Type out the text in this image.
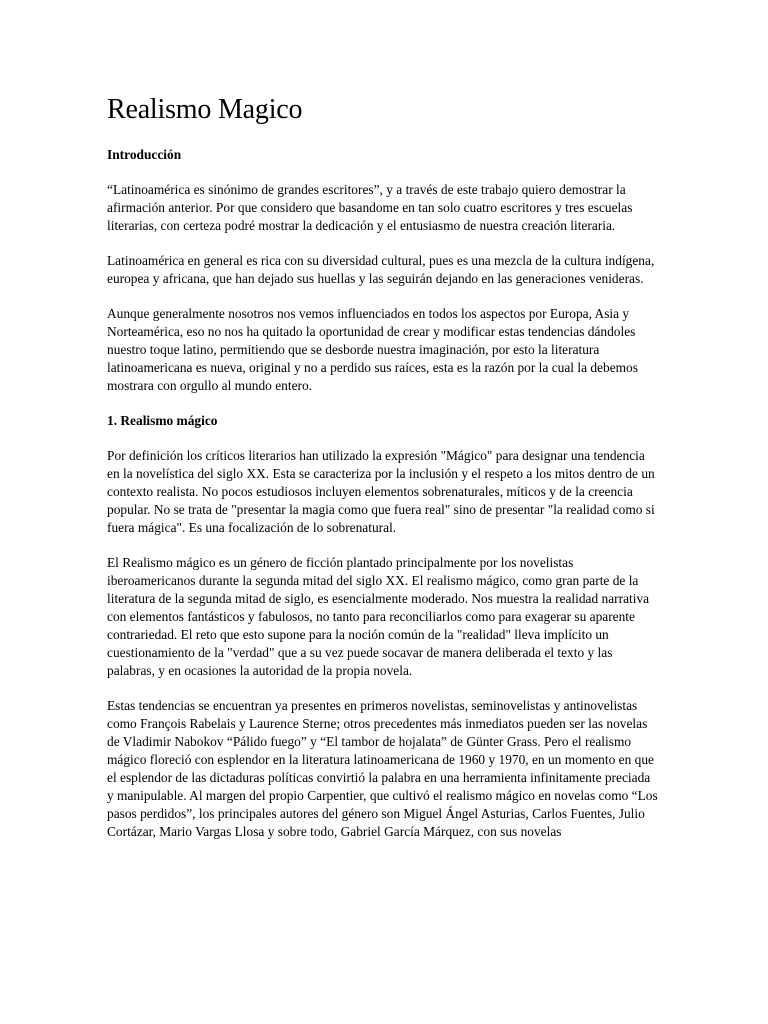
Realismo Magico
Introducción

“Latinoamérica es sinónimo de grandes escritores”, y a través de este trabajo quiero demostrar la afirmación anterior. Por que considero que basandome en tan solo cuatro escritores y tres escuelas literarias, con certeza podré mostrar la dedicación y el entusiasmo de nuestra creación literaria.

Latinoamérica en general es rica con su diversidad cultural, pues es una mezcla de la cultura indígena, europea y africana, que han dejado sus huellas y las seguirán dejando en las generaciones venideras.

Aunque generalmente nosotros nos vemos influenciados en todos los aspectos por Europa, Asia y Norteamérica, eso no nos ha quitado la oportunidad de crear y modificar estas tendencias dándoles nuestro toque latino, permitiendo que se desborde nuestra imaginación, por esto la literatura latinoamericana es nueva, original y no a perdido sus raíces, esta es la razón por la cual la debemos mostrara con orgullo al mundo entero.

1. Realismo mágico

Por definición los críticos literarios han utilizado la expresión "Mágico" para designar una tendencia en la novelística del siglo XX. Esta se caracteriza por la inclusión y el respeto a los mitos dentro de un contexto realista. No pocos estudiosos incluyen elementos sobrenaturales, míticos y de la creencia popular. No se trata de "presentar la magia como que fuera real" sino de presentar "la realidad como si fuera mágica". Es una focalización de lo sobrenatural.

El Realismo mágico es un género de ficción plantado principalmente por los novelistas iberoamericanos durante la segunda mitad del siglo XX. El realismo mágico, como gran parte de la literatura de la segunda mitad de siglo, es esencialmente moderado. Nos muestra la realidad narrativa con elementos fantásticos y fabulosos, no tanto para reconciliarlos como para exagerar su aparente contrariedad. El reto que esto supone para la noción común de la "realidad" lleva implícito un cuestionamiento de la "verdad" que a su vez puede socavar de manera deliberada el texto y las palabras, y en ocasiones la autoridad de la propia novela.

Estas tendencias se encuentran ya presentes en primeros novelistas, seminovelistas y antinovelistas como François Rabelais y Laurence Sterne; otros precedentes más inmediatos pueden ser las novelas de Vladimir Nabokov “Pálido fuego” y “El tambor de hojalata” de Günter Grass. Pero el realismo mágico floreció con esplendor en la literatura latinoamericana de 1960 y 1970, en un momento en que el esplendor de las dictaduras políticas convirtió la palabra en una herramienta infinitamente preciada y manipulable. Al margen del propio Carpentier, que cultivó el realismo mágico en novelas como “Los pasos perdidos”, los principales autores del género son Miguel Ángel Asturias, Carlos Fuentes, Julio Cortázar, Mario Vargas Llosa y sobre todo, Gabriel García Márquez, con sus novelas
